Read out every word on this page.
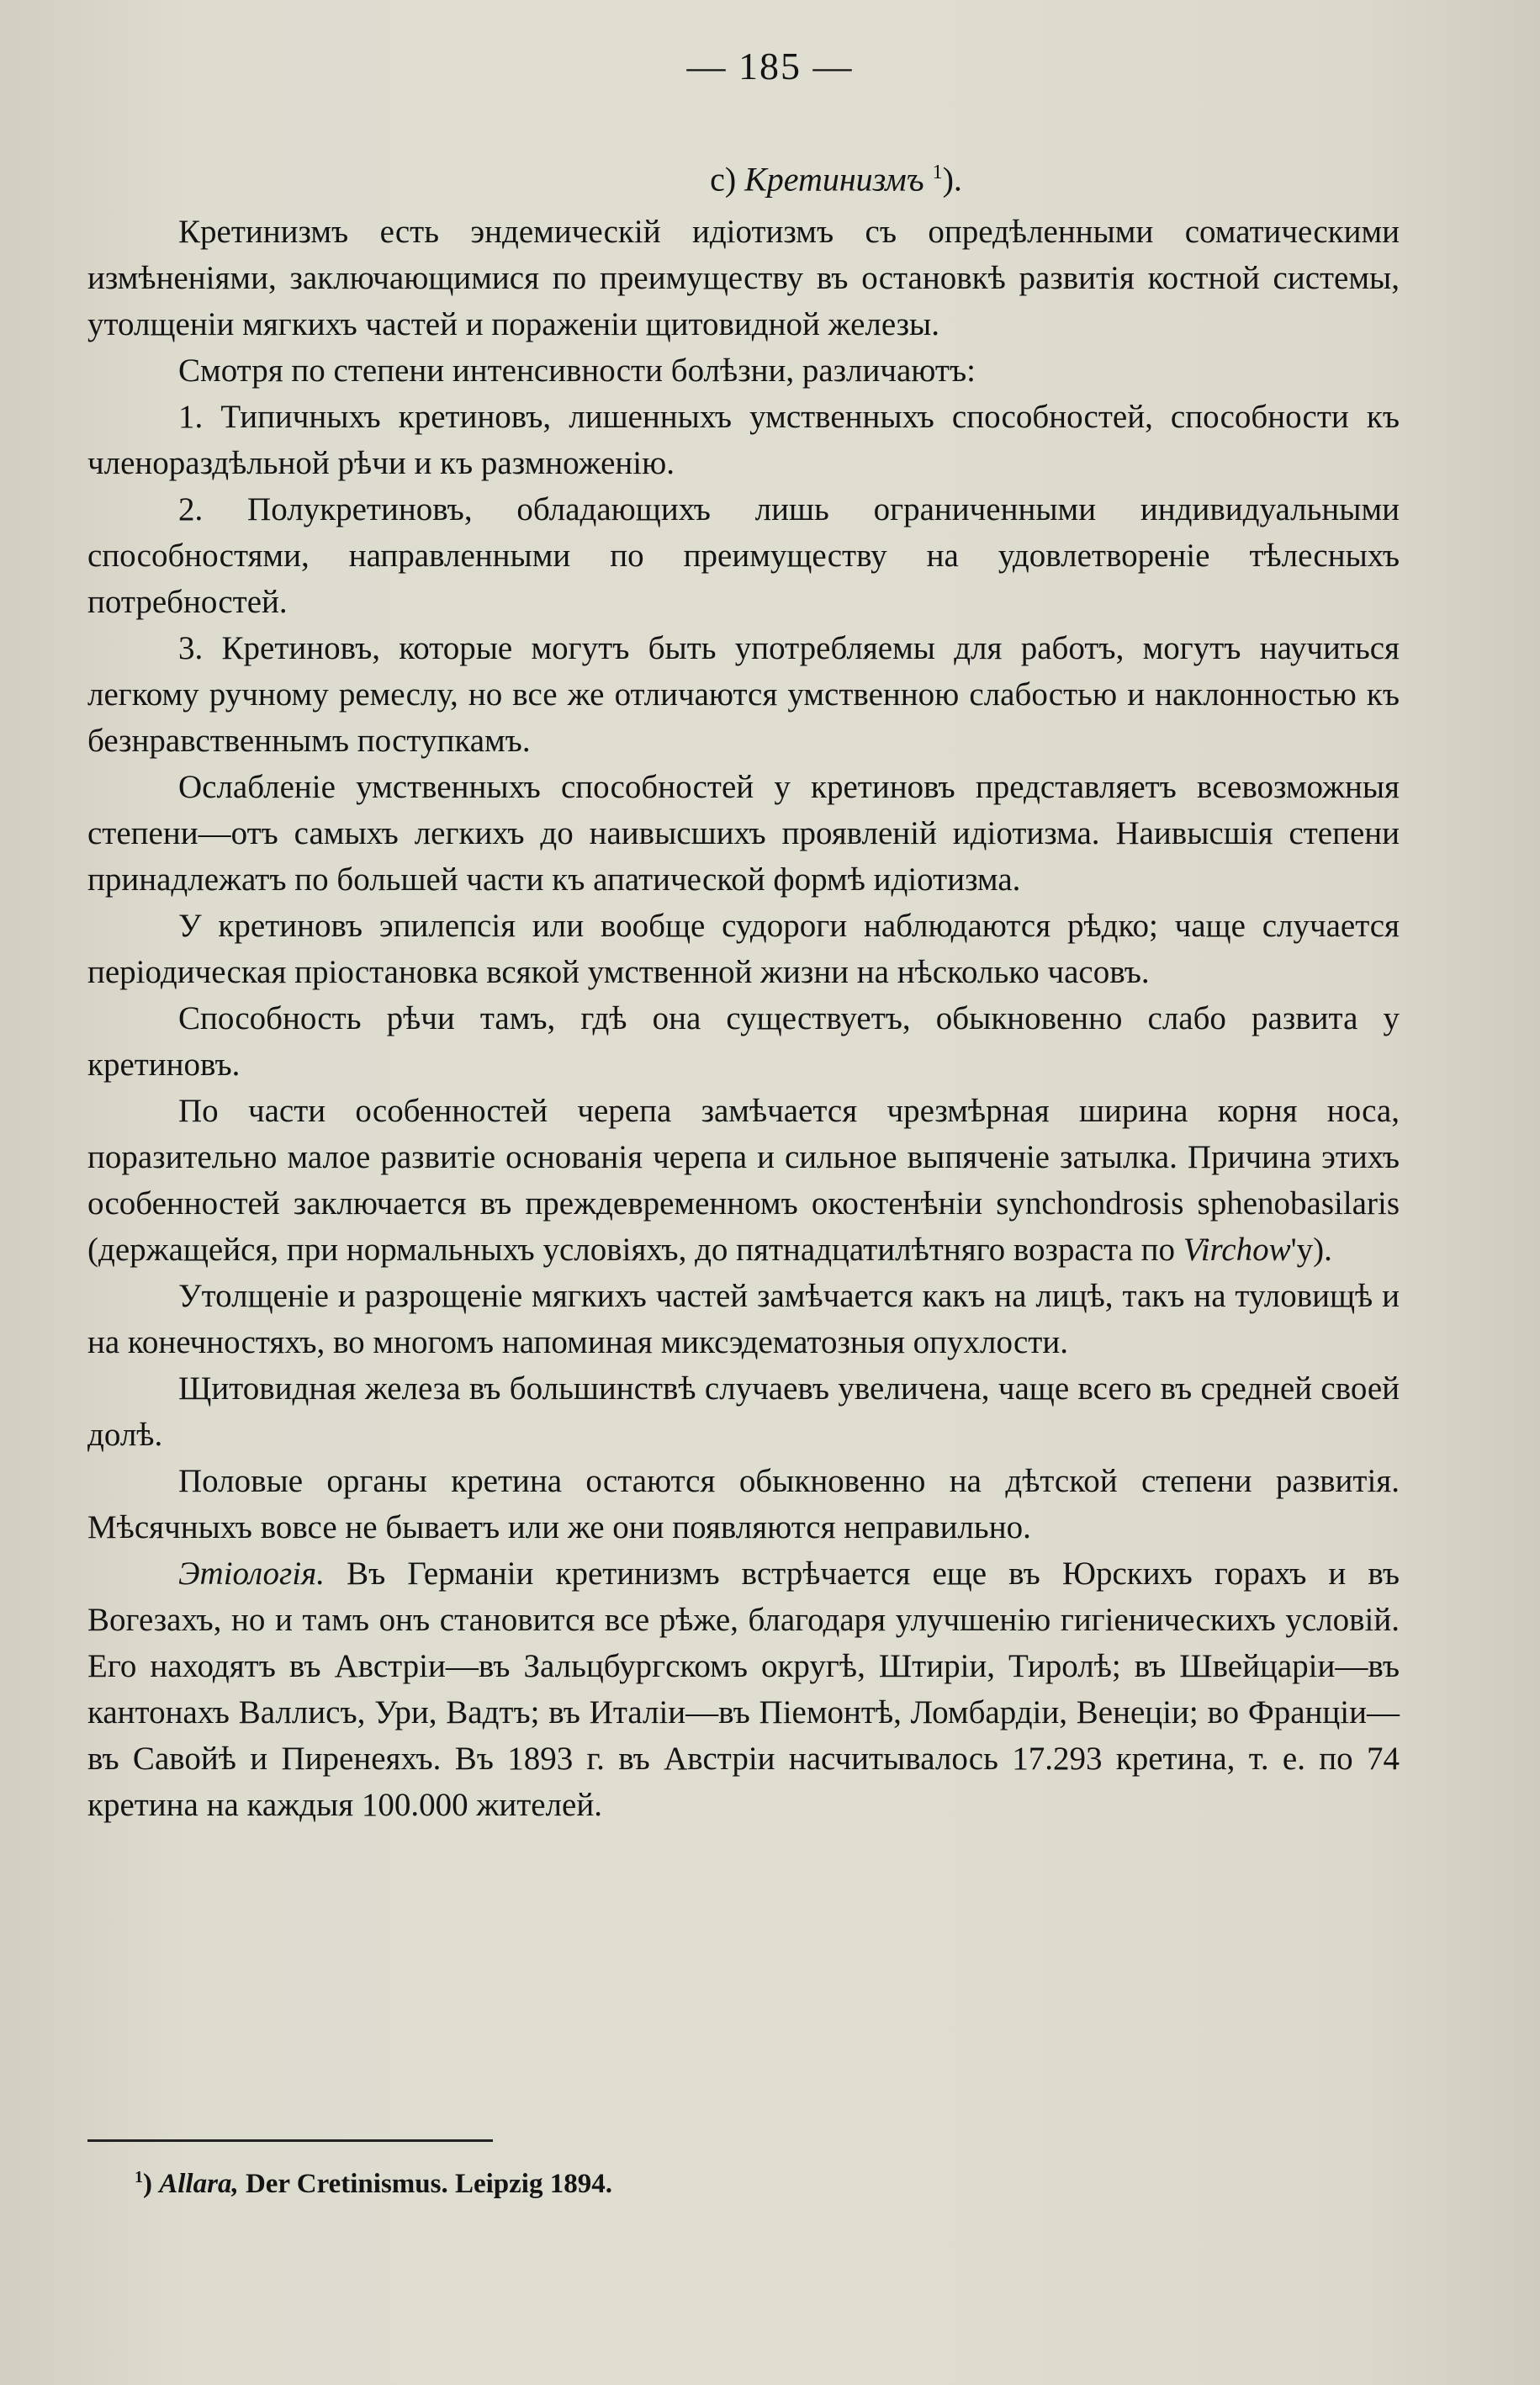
— 185 —
c) Кретинизмъ $^1$).

Кретинизмъ есть эндемическій идіотизмъ съ опредѣленными соматическими измѣненіями, заключающимися по преимуществу въ остановкѣ развитія костной системы, утолщеніи мягкихъ частей и пораженіи щитовидной железы.

Смотря по степени интенсивности болѣзни, различаютъ:

1. Типичныхъ кретиновъ, лишенныхъ умственныхъ способностей, способности къ членораздѣльной рѣчи и къ размноженію.

2. Полукретиновъ, обладающихъ лишь ограниченными индивидуальными способностями, направленными по преимуществу на удовлетвореніе тѣлесныхъ потребностей.

3. Кретиновъ, которые могутъ быть употребляемы для работъ, могутъ научиться легкому ручному ремеслу, но все же отличаются умственною слабостью и наклонностью къ безнравственнымъ поступкамъ.

Ослабленіе умственныхъ способностей у кретиновъ представляетъ всевозможныя степени—отъ самыхъ легкихъ до наивысшихъ проявленій идіотизма. Наивысшія степени принадлежатъ по большей части къ апатической формѣ идіотизма.

У кретиновъ эпилепсія или вообще судороги наблюдаются рѣдко; чаще случается періодическая пріостановка всякой умственной жизни на нѣсколько часовъ.

Способность рѣчи тамъ, гдѣ она существуетъ, обыкновенно слабо развита у кретиновъ.

По части особенностей черепа замѣчается чрезмѣрная ширина корня носа, поразительно малое развитіе основанія черепа и сильное выпяченіе затылка. Причина этихъ особенностей заключается въ преждевременномъ окостенѣніи synchondrosis sphenobasilaris (держащейся, при нормальныхъ условіяхъ, до пятнадцатилѣтняго возраста по Virchow'у).

Утолщеніе и разрощеніе мягкихъ частей замѣчается какъ на лицѣ, такъ на туловищѣ и на конечностяхъ, во многомъ напоминая миксэдематозныя опухлости.

Щитовидная железа въ большинствѣ случаевъ увеличена, чаще всего въ средней своей долѣ.

Половые органы кретина остаются обыкновенно на дѣтской степени развитія. Мѣсячныхъ вовсе не бываетъ или же они появляются неправильно.

Этіологія. Въ Германіи кретинизмъ встрѣчается еще въ Юрскихъ горахъ и въ Вогезахъ, но и тамъ онъ становится все рѣже, благодаря улучшенію гигіеническихъ условій. Его находятъ въ Австріи—въ Зальцбургскомъ округѣ, Штиріи, Тиролѣ; въ Швейцаріи—въ кантонахъ Валлисъ, Ури, Вадтъ; въ Италіи—въ Піемонтѣ, Ломбардіи, Венеціи; во Франціи—въ Савойѣ и Пиренеяхъ. Въ 1893 г. въ Австріи насчитывалось 17.293 кретина, т. е. по 74 кретина на каждыя 100.000 жителей.

$^1$) Allara, Der Cretinismus. Leipzig 1894.
